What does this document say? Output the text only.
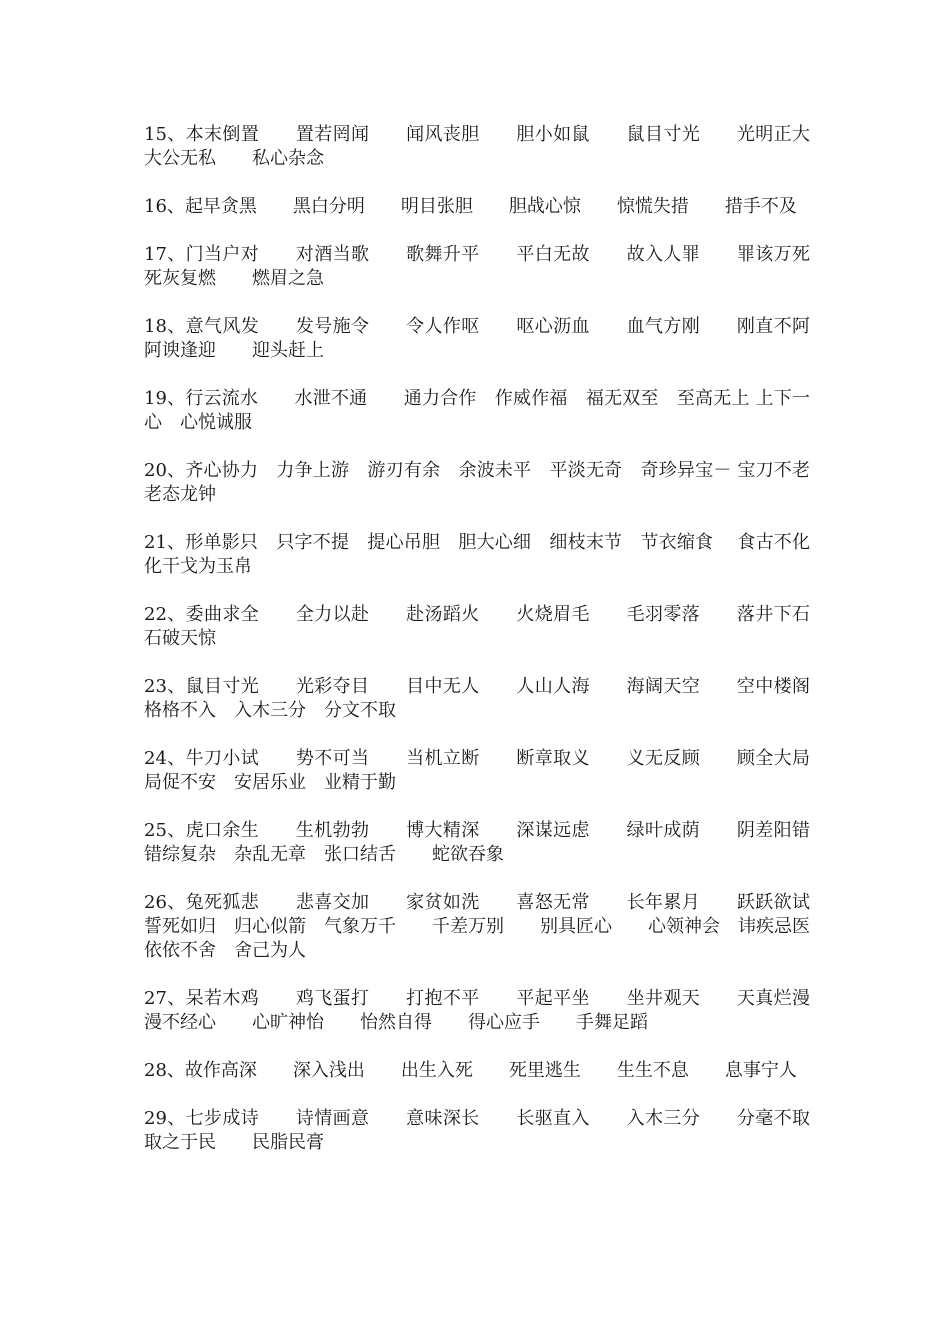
15、本末倒置　　置若罔闻　　闻风丧胆　　胆小如鼠　　鼠目寸光　　光明正大 大公无私　　私心杂念

16、起早贪黑　　黑白分明　　明目张胆　　胆战心惊　　惊慌失措　　措手不及

17、门当户对　　对酒当歌　　歌舞升平　　平白无故　　故入人罪　　罪该万死 死灰复燃　　燃眉之急

18、意气风发　　发号施令　　令人作呕　　呕心沥血　　血气方刚　　刚直不阿 阿谀逢迎　　迎头赶上

19、行云流水　　水泄不通　　通力合作　作威作福　福无双至　至高无上 上下一心　心悦诚服

20、齐心协力　力争上游　游刃有余　余波未平　平淡无奇　奇珍异宝－ 宝刀不老　　老态龙钟

21、形单影只　只字不提　提心吊胆　胆大心细　细枝末节　节衣缩食　 食古不化　　化干戈为玉帛

22、委曲求全　　全力以赴　　赴汤蹈火　　火烧眉毛　　毛羽零落　　落井下石　石破天惊

23、鼠目寸光　　光彩夺目　　目中无人　　人山人海　　海阔天空　　空中楼阁 格格不入　入木三分　分文不取

24、牛刀小试　　势不可当　　当机立断　　断章取义　　义无反顾　　顾全大局 局促不安　安居乐业　业精于勤

25、虎口余生　　生机勃勃　　博大精深　　深谋远虑　　绿叶成荫　　阴差阳错　错综复杂　杂乱无章　张口结舌　　蛇欲吞象

26、兔死狐悲　　悲喜交加　　家贫如洗　　喜怒无常　　长年累月　　跃跃欲试　誓死如归　归心似箭　气象万千　　千差万别　　别具匠心　　心领神会　讳疾忌医　依依不舍　舍己为人

27、呆若木鸡　　鸡飞蛋打　　打抱不平　　平起平坐　　坐井观天　　天真烂漫　漫不经心　　心旷神怡　　怡然自得　　得心应手　　手舞足蹈

28、故作高深　　深入浅出　　出生入死　　死里逃生　　生生不息　　息事宁人

29、七步成诗　　诗情画意　　意味深长　　长驱直入　　入木三分　　分毫不取　取之于民　　民脂民膏
